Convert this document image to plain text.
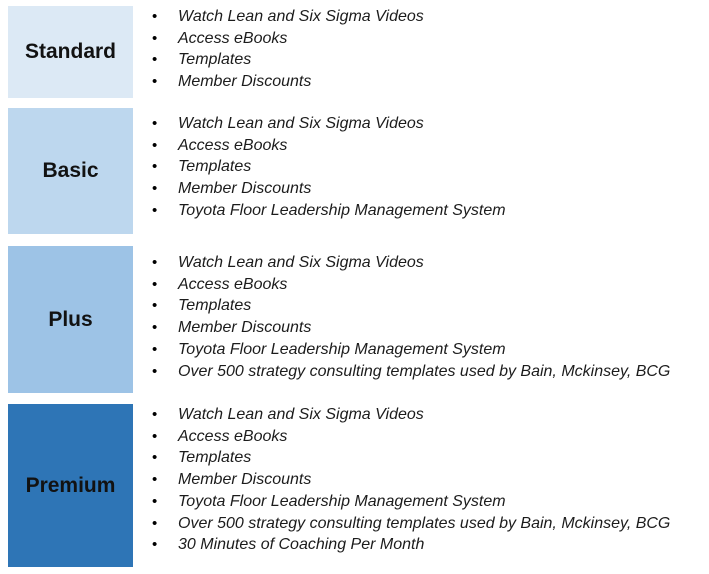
Standard
• Watch Lean and Six Sigma Videos
• Access eBooks
• Templates
• Member Discounts
Basic
• Watch Lean and Six Sigma Videos
• Access eBooks
• Templates
• Member Discounts
• Toyota Floor Leadership Management System
Plus
• Watch Lean and Six Sigma Videos
• Access eBooks
• Templates
• Member Discounts
• Toyota Floor Leadership Management System
• Over 500 strategy consulting templates used by Bain, Mckinsey, BCG
Premium
• Watch Lean and Six Sigma Videos
• Access eBooks
• Templates
• Member Discounts
• Toyota Floor Leadership Management System
• Over 500 strategy consulting templates used by Bain, Mckinsey, BCG
• 30 Minutes of Coaching Per Month
